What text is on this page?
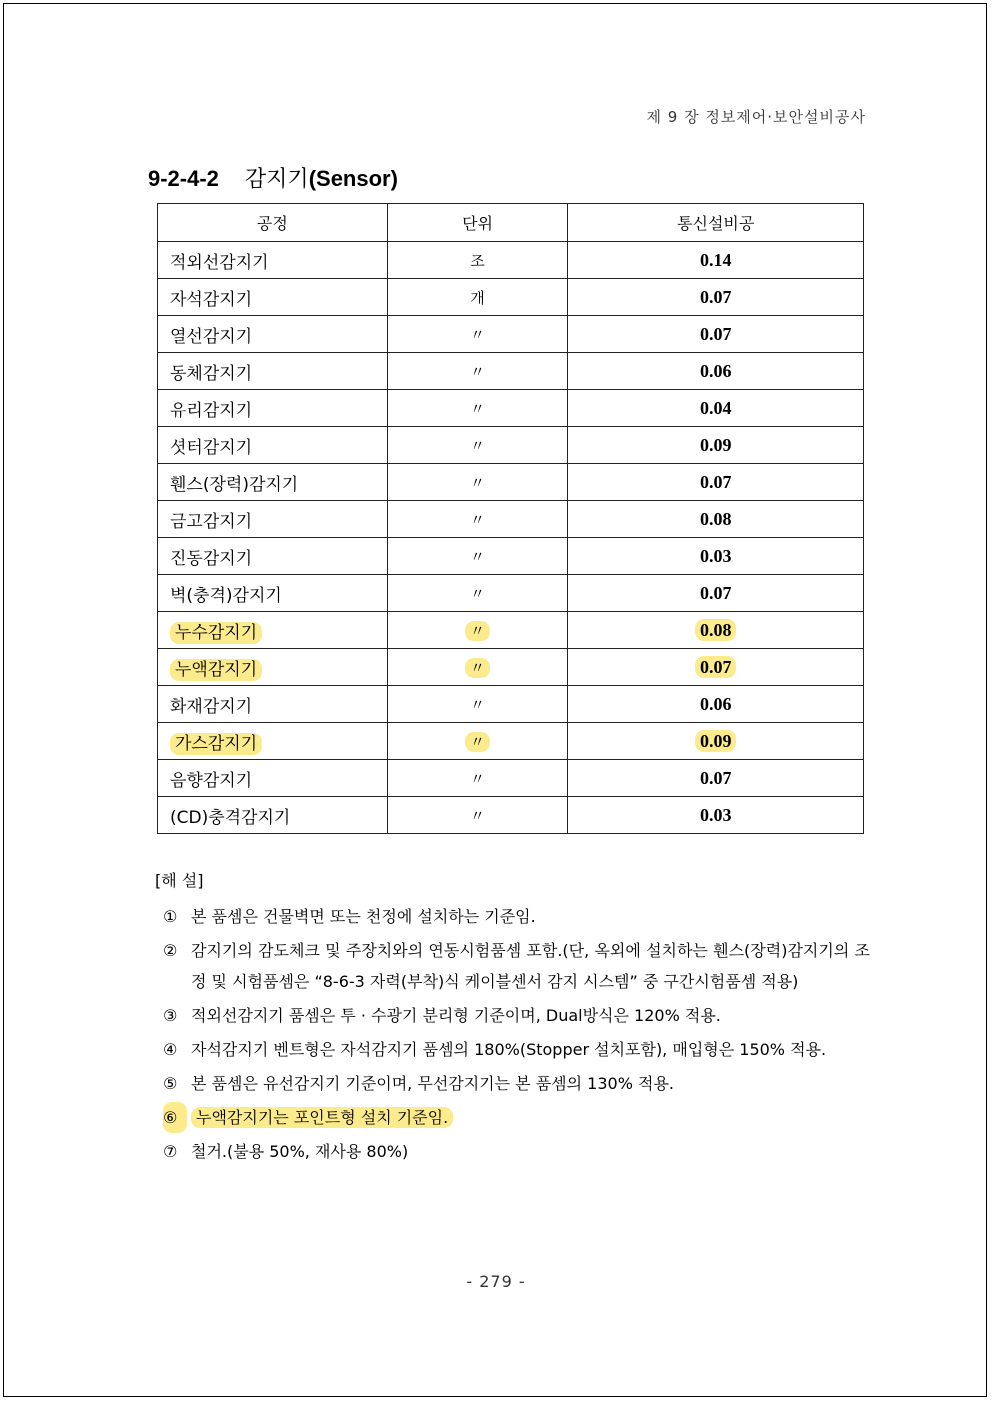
제 9 장 정보제어·보안설비공사
9-2-4-2 감지기(Sensor)
공정	단위	통신설비공
적외선감지기	조	0.14
자석감지기	개	0.07
열선감지기	〃	0.07
동체감지기	〃	0.06
유리감지기	〃	0.04
셧터감지기	〃	0.09
휀스(장력)감지기	〃	0.07
금고감지기	〃	0.08
진동감지기	〃	0.03
벽(충격)감지기	〃	0.07
누수감지기	〃	0.08
누액감지기	〃	0.07
화재감지기	〃	0.06
가스감지기	〃	0.09
음향감지기	〃	0.07
(CD)충격감지기	〃	0.03
[해 설]
① 본 품셈은 건물벽면 또는 천정에 설치하는 기준임.
② 감지기의 감도체크 및 주장치와의 연동시험품셈 포함.(단, 옥외에 설치하는 휀스(장력)감지기의 조정 및 시험품셈은 “8-6-3 자력(부착)식 케이블센서 감지 시스템” 중 구간시험품셈 적용)
③ 적외선감지기 품셈은 투 · 수광기 분리형 기준이며, Dual방식은 120% 적용.
④ 자석감지기 벤트형은 자석감지기 품셈의 180%(Stopper 설치포함), 매입형은 150% 적용.
⑤ 본 품셈은 유선감지기 기준이며, 무선감지기는 본 품셈의 130% 적용.
⑥	누액감지기는 포인트형 설치 기준임.
⑦ 철거.(불용 50%, 재사용 80%)
- 279 -
